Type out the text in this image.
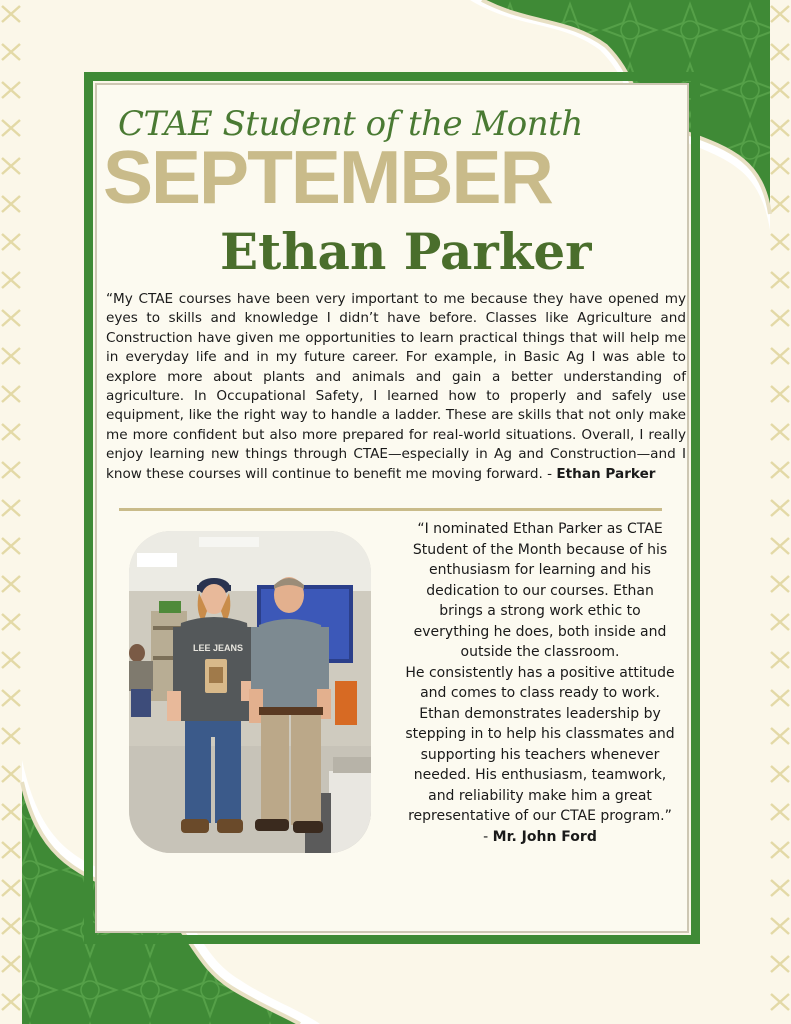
CTAE Student of the Month
SEPTEMBER
Ethan Parker

“My CTAE courses have been very important to me because they have opened my eyes to skills and knowledge I didn’t have before. Classes like Agriculture and Construction have given me opportunities to learn practical things that will help me in everyday life and in my future career. For example, in Basic Ag I was able to explore more about plants and animals and gain a better understanding of agriculture. In Occupational Safety, I learned how to properly and safely use equipment, like the right way to handle a ladder. These are skills that not only make me more confident but also more prepared for real-world situations. Overall, I really enjoy learning new things through CTAE—especially in Ag and Construction—and I know these courses will continue to benefit me moving forward. - Ethan Parker

LEE JEANS

“I nominated Ethan Parker as CTAE Student of the Month because of his enthusiasm for learning and his dedication to our courses. Ethan brings a strong work ethic to everything he does, both inside and outside the classroom.
He consistently has a positive attitude and comes to class ready to work. Ethan demonstrates leadership by stepping in to help his classmates and supporting his teachers whenever needed. His enthusiasm, teamwork, and reliability make him a great representative of our CTAE program.” - Mr. John Ford
